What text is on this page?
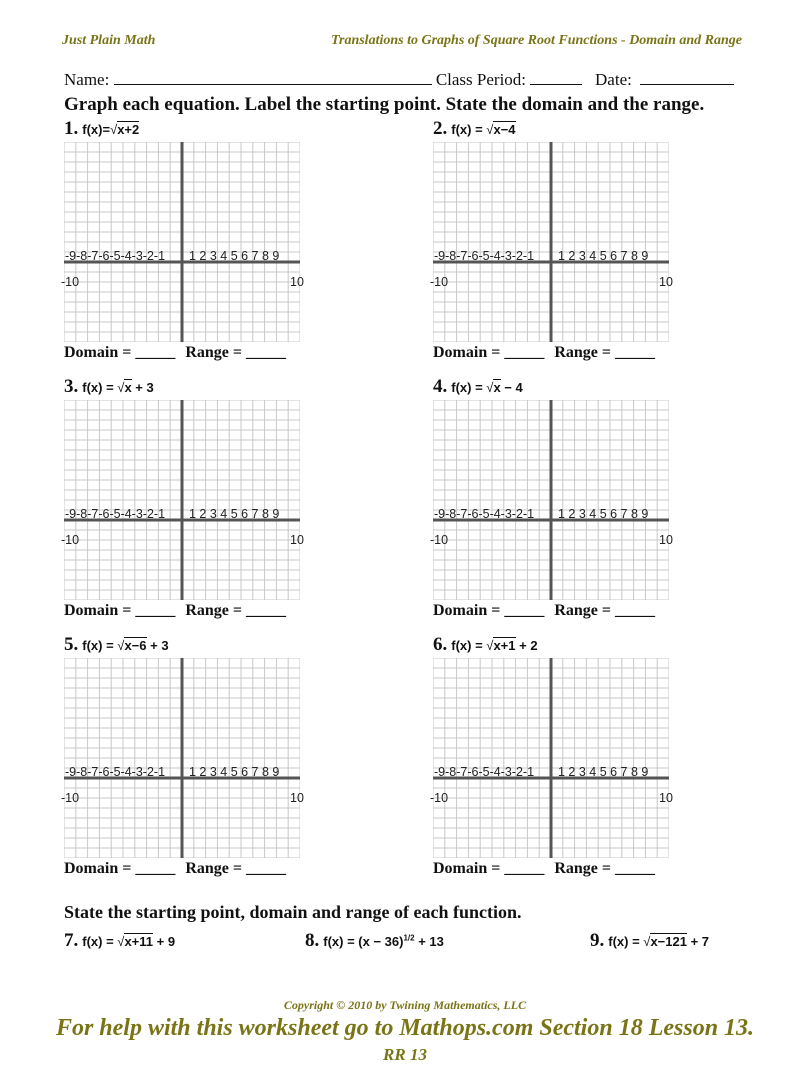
Just Plain Math	Translations to Graphs of Square Root Functions - Domain and Range
Name:	Class Period:	Date:
Graph each equation. Label the starting point. State the domain and the range.
1. f(x)=√x+2
-9-8-7-6-5-4-3-2-1 1 2 3 4 5 6 7 8 9
-10	10
Domain = _____ Range = _____
2. f(x) = √x−4
-9-8-7-6-5-4-3-2-1 1 2 3 4 5 6 7 8 9
-10	10
Domain = _____ Range = _____
3. f(x) = √x + 3
-9-8-7-6-5-4-3-2-1 1 2 3 4 5 6 7 8 9
-10	10
Domain = _____ Range = _____
4. f(x) = √x − 4
-9-8-7-6-5-4-3-2-1 1 2 3 4 5 6 7 8 9
-10	10
Domain = _____ Range = _____
5. f(x) = √x−6 + 3
-9-8-7-6-5-4-3-2-1 1 2 3 4 5 6 7 8 9
-10	10
Domain = _____ Range = _____
6. f(x) = √x+1 + 2
-9-8-7-6-5-4-3-2-1 1 2 3 4 5 6 7 8 9
-10	10
Domain = _____ Range = _____
State the starting point, domain and range of each function.
7. f(x) = √x+11 + 9	8. $f(x) = (x - 36)^{1/2} + 13$	9. f(x) = √x−121 + 7
Copyright © 2010 by Twining Mathematics, LLC
For help with this worksheet go to Mathops.com Section 18 Lesson 13.
RR 13
